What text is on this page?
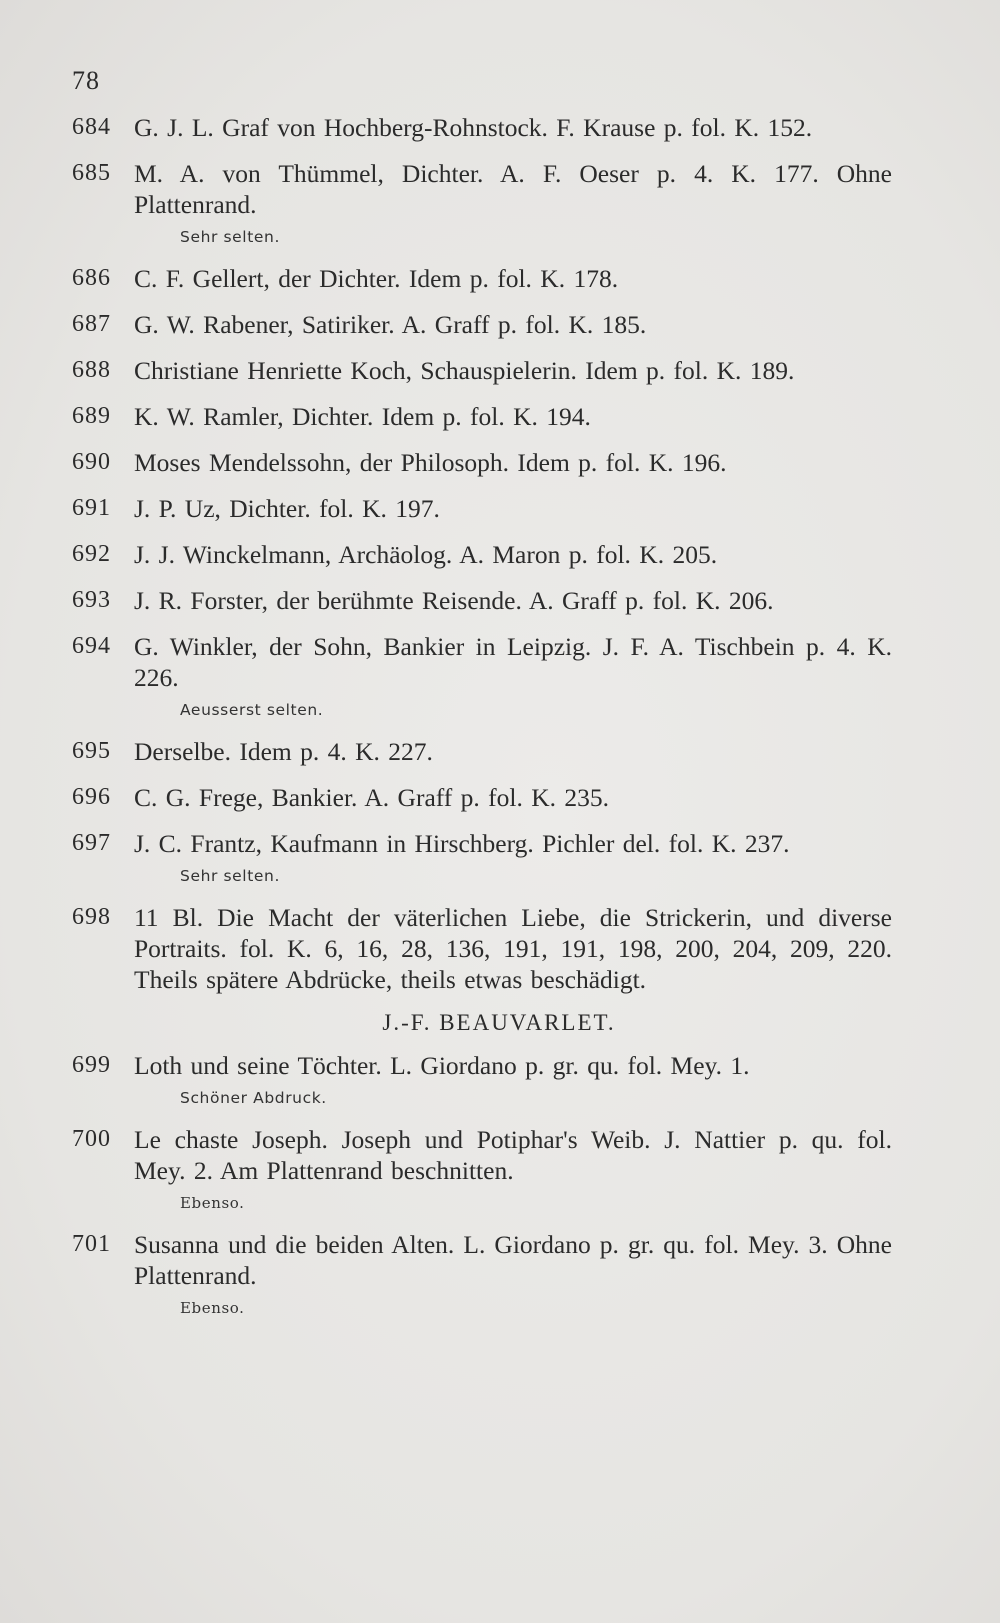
78
684 G. J. L. Graf von Hochberg-Rohnstock. F. Krause p. fol. K. 152.
685 M. A. von Thümmel, Dichter. A. F. Oeser p. 4. K. 177. Ohne Plattenrand.
Sehr selten.
686 C. F. Gellert, der Dichter. Idem p. fol. K. 178.
687 G. W. Rabener, Satiriker. A. Graff p. fol. K. 185.
688 Christiane Henriette Koch, Schauspielerin. Idem p. fol. K. 189.
689 K. W. Ramler, Dichter. Idem p. fol. K. 194.
690 Moses Mendelssohn, der Philosoph. Idem p. fol. K. 196.
691 J. P. Uz, Dichter. fol. K. 197.
692 J. J. Winckelmann, Archäolog. A. Maron p. fol. K. 205.
693 J. R. Forster, der berühmte Reisende. A. Graff p. fol. K. 206.
694 G. Winkler, der Sohn, Bankier in Leipzig. J. F. A. Tischbein p. 4. K. 226.
Aeusserst selten.
695 Derselbe. Idem p. 4. K. 227.
696 C. G. Frege, Bankier. A. Graff p. fol. K. 235.
697 J. C. Frantz, Kaufmann in Hirschberg. Pichler del. fol. K. 237.
Sehr selten.
698 11 Bl. Die Macht der väterlichen Liebe, die Strickerin, und diverse Portraits. fol. K. 6, 16, 28, 136, 191, 191, 198, 200, 204, 209, 220. Theils spätere Abdrücke, theils etwas beschädigt.
J.-F. BEAUVARLET.
699 Loth und seine Töchter. L. Giordano p. gr. qu. fol. Mey. 1.
Schöner Abdruck.
700 Le chaste Joseph. Joseph und Potiphar's Weib. J. Nattier p. qu. fol. Mey. 2. Am Plattenrand beschnitten.
Ebenso.
701 Susanna und die beiden Alten. L. Giordano p. gr. qu. fol. Mey. 3. Ohne Plattenrand.
Ebenso.
